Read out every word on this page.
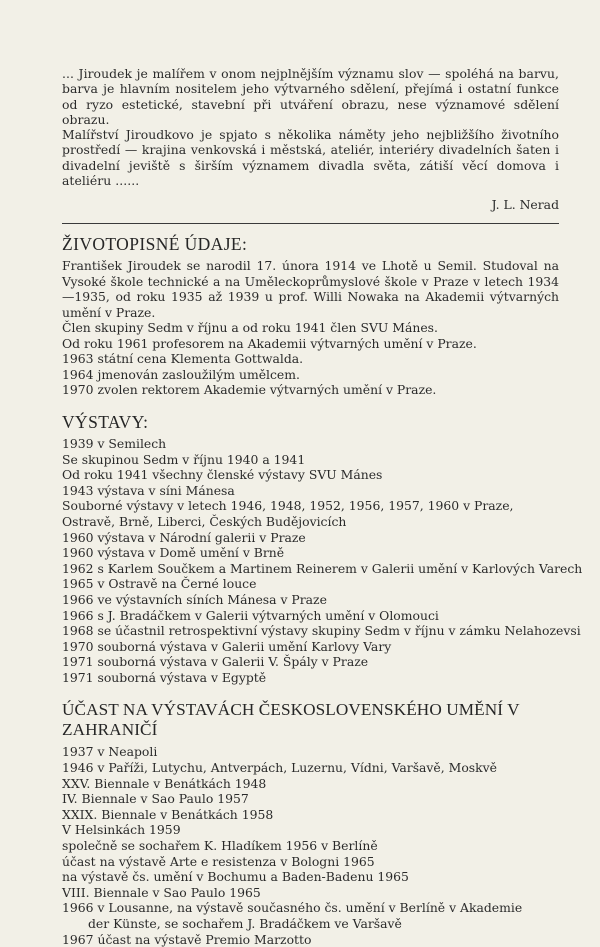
... Jiroudek je malířem v onom nejplnějším významu slov — spoléhá na barvu, barva je hlavním nositelem jeho výtvarného sdělení, přejímá i ostatní funkce od ryzo estetické, stavební při utváření obrazu, nese významové sdělení obrazu.

Malířství Jiroudkovo je spjato s několika náměty jeho nejbližšího životního prostředí — krajina venkovská i městská, ateliér, interiéry divadelních šaten i divadelní jeviště s širším významem divadla světa, zátiší věcí domova i ateliéru ......

J. L. Nerad
ŽIVOTOPISNÉ ÚDAJE:

František Jiroudek se narodil 17. února 1914 ve Lhotě u Semil. Studoval na Vysoké škole technické a na Uměleckoprůmyslové škole v Praze v letech 1934—1935, od roku 1935 až 1939 u prof. Willi Nowaka na Akademii výtvarných umění v Praze.

Člen skupiny Sedm v říjnu a od roku 1941 člen SVU Mánes.
Od roku 1961 profesorem na Akademii výtvarných umění v Praze.
1963 státní cena Klementa Gottwalda.
1964 jmenován zasloužilým umělcem.
1970 zvolen rektorem Akademie výtvarných umění v Praze.
VÝSTAVY:
1939 v Semilech
Se skupinou Sedm v říjnu 1940 a 1941
Od roku 1941 všechny členské výstavy SVU Mánes
1943 výstava v síni Mánesa
Souborné výstavy v letech 1946, 1948, 1952, 1956, 1957, 1960 v Praze, Ostravě, Brně, Liberci, Českých Budějovicích
1960 výstava v Národní galerii v Praze
1960 výstava v Domě umění v Brně
1962 s Karlem Součkem a Martinem Reinerem v Galerii umění v Karlových Varech
1965 v Ostravě na Černé louce
1966 ve výstavních síních Mánesa v Praze
1966 s J. Bradáčkem v Galerii výtvarných umění v Olomouci
1968 se účastnil retrospektivní výstavy skupiny Sedm v říjnu v zámku Nelahozevsi
1970 souborná výstava v Galerii umění Karlovy Vary
1971 souborná výstava v Galerii V. Špály v Praze
1971 souborná výstava v Egyptě
ÚČAST NA VÝSTAVÁCH ČESKOSLOVENSKÉHO UMĚNÍ V ZAHRANIČÍ
1937 v Neapoli
1946 v Paříži, Lutychu, Antverpách, Luzernu, Vídni, Varšavě, Moskvě
XXV. Biennale v Benátkách 1948
IV. Biennale v Sao Paulo 1957
XXIX. Biennale v Benátkách 1958
V Helsinkách 1959
společně se sochařem K. Hladíkem 1956 v Berlíně
účast na výstavě Arte e resistenza v Bologni 1965
na výstavě čs. umění v Bochumu a Baden-Badenu 1965
VIII. Biennale v Sao Paulo 1965
1966 v Lousanne, na výstavě současného čs. umění v Berlíně v Akademie
der Künste, se sochařem J. Bradáčkem ve Varšavě
1967 účast na výstavě Premio Marzotto
